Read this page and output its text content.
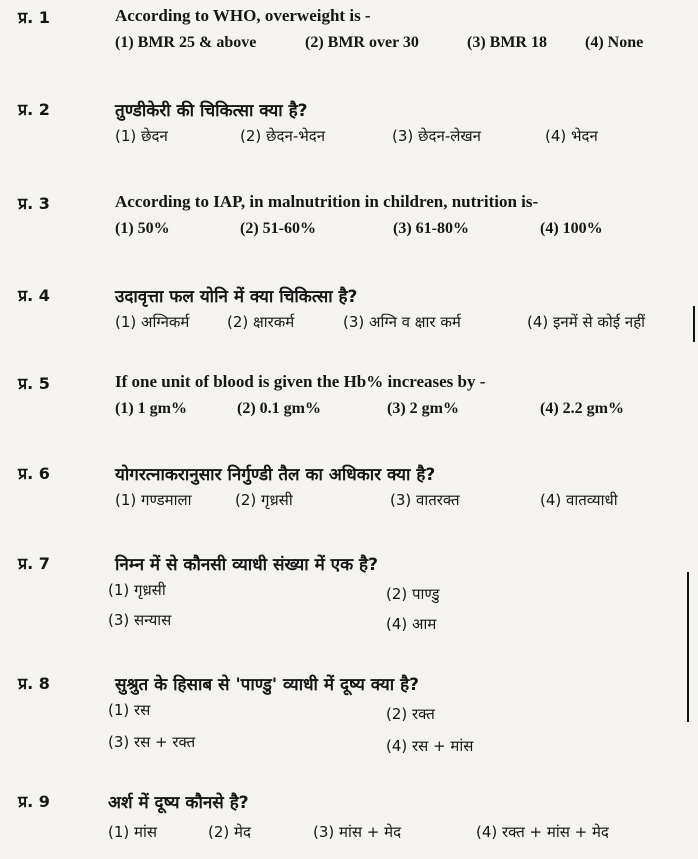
प्र. 1	According to WHO, overweight is -
(1) BMR 25 & above	(2) BMR over 30	(3) BMR 18 (4) None
प्र. 2	तुण्डीकेरी की चिकित्सा क्या है?
(1) छेदन	(2) छेदन-भेदन	(3) छेदन-लेखन	(4) भेदन
प्र. 3	According to IAP, in malnutrition in children, nutrition is-
(1) 50%	(2) 51-60%	(3) 61-80%	(4) 100%
प्र. 4	उदावृत्ता फल योनि में क्या चिकित्सा है?
(1) अग्निकर्म	(2) क्षारकर्म	(3) अग्नि व क्षार कर्म	(4) इनमें से कोई नहीं
प्र. 5	If one unit of blood is given the Hb% increases by -
(1) 1 gm%	(2) 0.1 gm%	(3) 2 gm%	(4) 2.2 gm%
प्र. 6	योगरत्नाकरानुसार निर्गुण्डी तैल का अधिकार क्या है?
(1) गण्डमाला	(2) गृध्रसी	(3) वातरक्त	(4) वातव्याधी
प्र. 7	निम्न में से कौनसी व्याधी संख्या में एक है?
(1) गृध्रसी	(2) पाण्डु
(3) सन्यास	(4) आम
प्र. 8	सुश्रुत के हिसाब से 'पाण्डु' व्याधी में दूष्य क्या है?
(1) रस	(2) रक्त
(3) रस + रक्त	(4) रस + मांस
प्र. 9	अर्श में दूष्य कौनसे है?
(1) मांस	(2) मेद	(3) मांस + मेद	(4) रक्त + मांस + मेद
